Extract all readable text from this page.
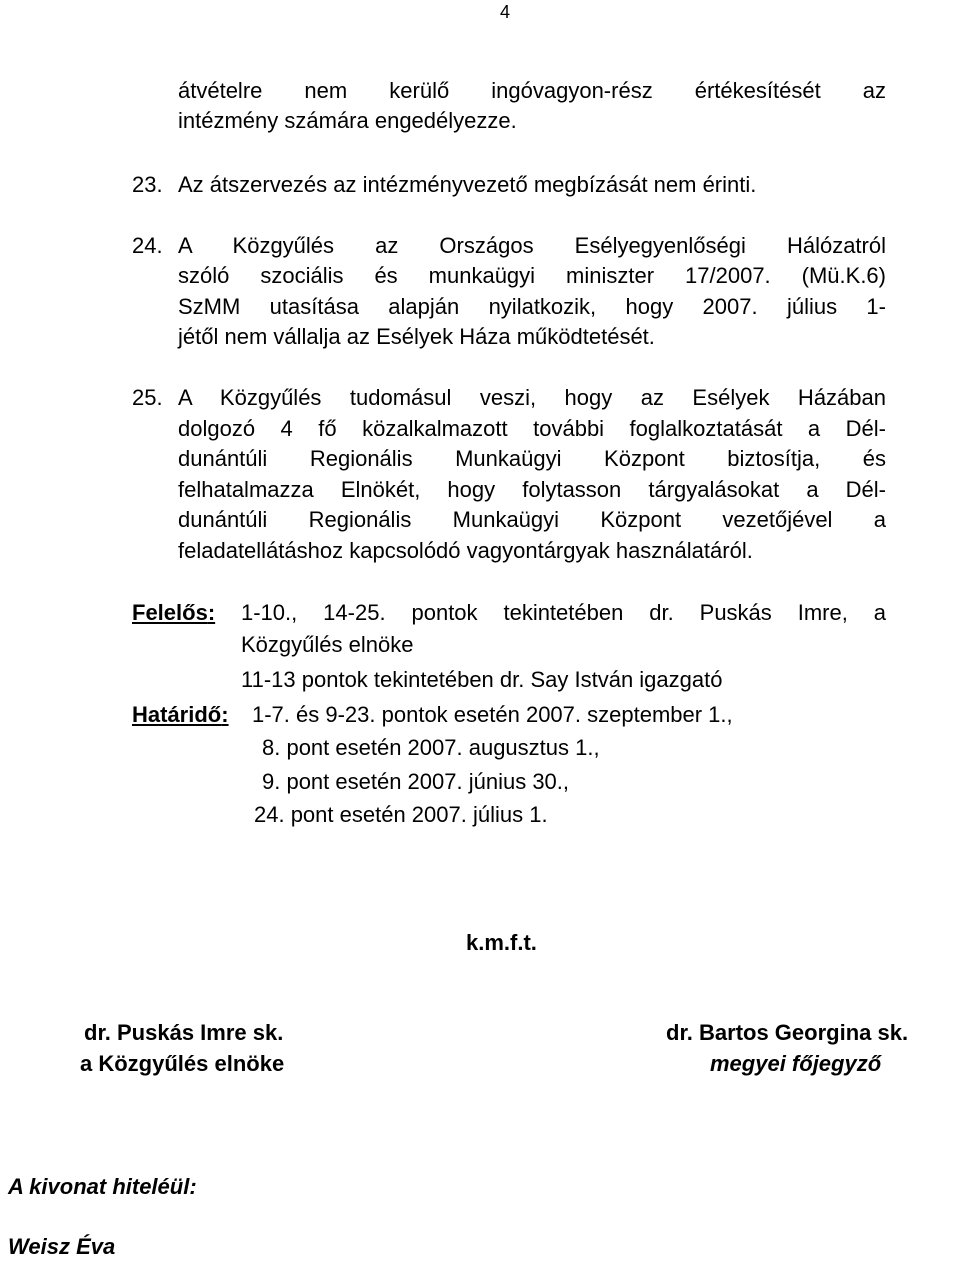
4
átvételre nem kerülő ingóvagyon-rész értékesítését az
intézmény számára engedélyezze.
23. Az átszervezés az intézményvezető megbízását nem érinti.
24. A Közgyűlés az Országos Esélyegyenlőségi Hálózatról
szóló szociális és munkaügyi miniszter 17/2007. (Mü.K.6)
SzMM utasítása alapján nyilatkozik, hogy 2007. július 1-
jétől nem vállalja az Esélyek Háza működtetését.
25. A Közgyűlés tudomásul veszi, hogy az Esélyek Házában
dolgozó 4 fő közalkalmazott további foglalkoztatását a Dél-
dunántúli Regionális Munkaügyi Központ biztosítja, és
felhatalmazza Elnökét, hogy folytasson tárgyalásokat a Dél-
dunántúli Regionális Munkaügyi Központ vezetőjével a
feladatellátáshoz kapcsolódó vagyontárgyak használatáról.
Felelős: 1-10., 14-25. pontok tekintetében dr. Puskás Imre, a
Közgyűlés elnöke
11-13 pontok tekintetében dr. Say István igazgató
Határidő: 1-7. és 9-23. pontok esetén 2007. szeptember 1.,
8. pont esetén 2007. augusztus 1.,
9. pont esetén 2007. június 30.,
24. pont esetén 2007. július 1.
k.m.f.t.
dr. Puskás Imre sk.
a Közgyűlés elnöke
dr. Bartos Georgina sk.
megyei főjegyző
A kivonat hiteléül:
Weisz Éva
